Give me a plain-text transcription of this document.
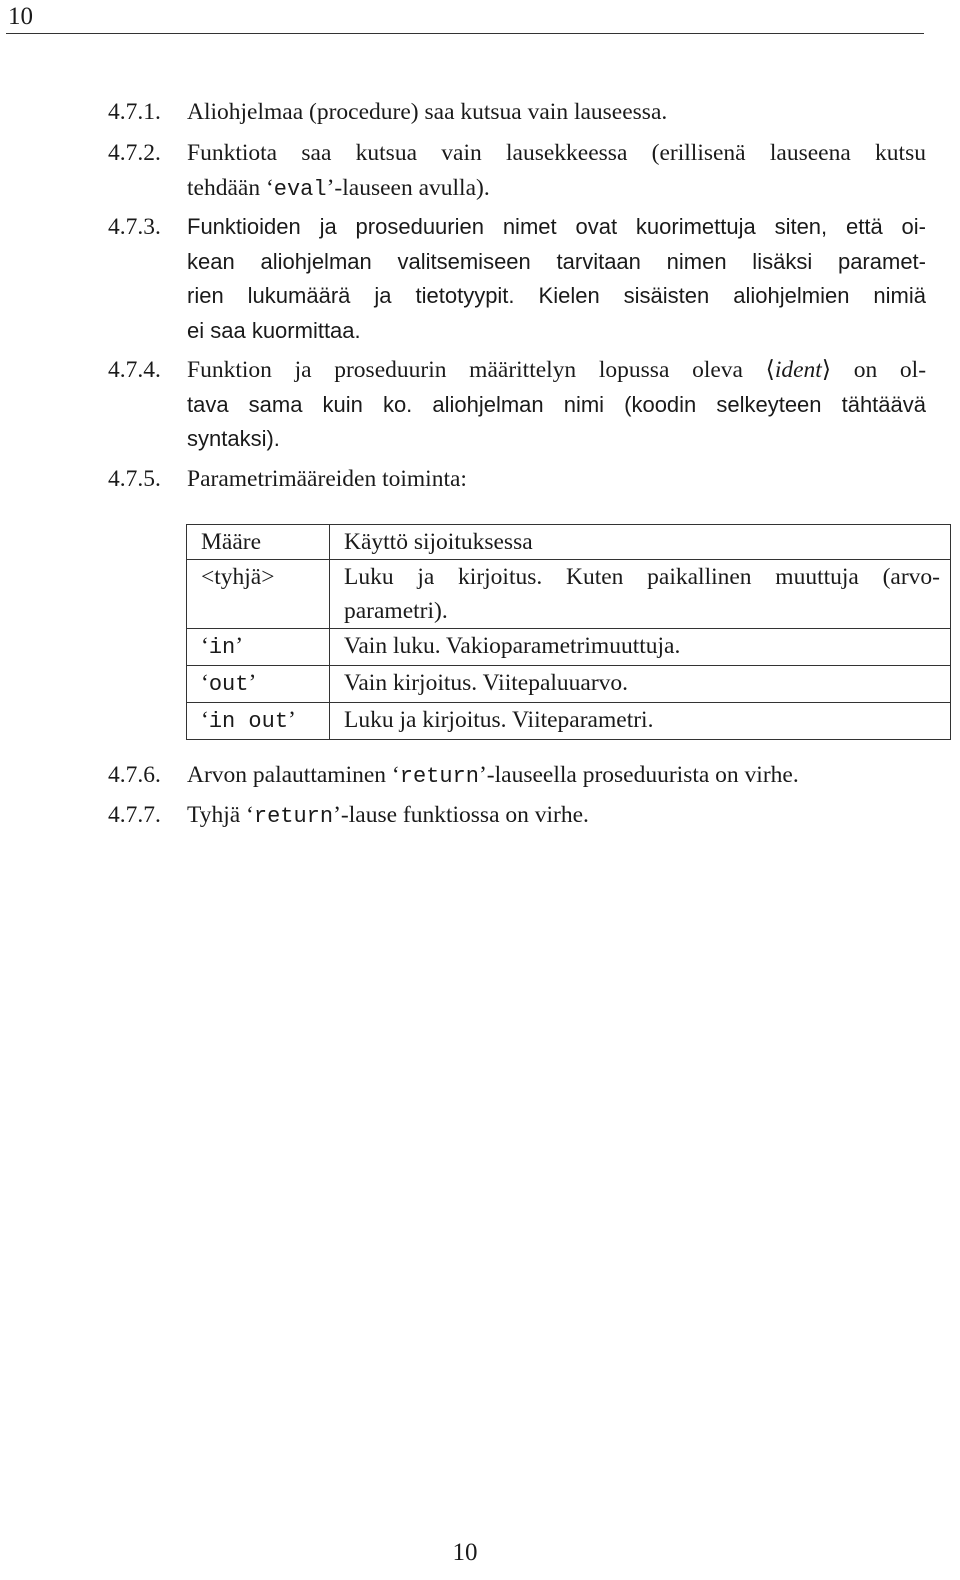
10
4.7.1. Aliohjelmaa (procedure) saa kutsua vain lauseessa.
4.7.2. Funktiota saa kutsua vain lausekkeessa (erillisenä lauseena kutsu
tehdään ‘eval’-lauseen avulla).
4.7.3. Funktioiden ja proseduurien nimet ovat kuorimettuja siten, että oi-
kean aliohjelman valitsemiseen tarvitaan nimen lisäksi paramet-
rien lukumäärä ja tietotyypit. Kielen sisäisten aliohjelmien nimiä
ei saa kuormittaa.
4.7.4. Funktion ja proseduurin määrittelyn lopussa oleva ⟨ident⟩ on ol-
tava sama kuin ko. aliohjelman nimi (koodin selkeyteen tähtäävä
syntaksi).
4.7.5. Parametrimääreiden toiminta:
Määre	Käyttö sijoituksessa
<tyhjä>	Luku ja kirjoitus. Kuten paikallinen muuttuja (arvo-
parametri).

‘in’	Vain luku. Vakioparametrimuuttuja.

‘out’	Vain kirjoitus. Viitepaluuarvo.

‘in out’	Luku ja kirjoitus. Viiteparametri.
4.7.6. Arvon palauttaminen ‘return’-lauseella proseduurista on virhe.
4.7.7. Tyhjä ‘return’-lause funktiossa on virhe.
10
